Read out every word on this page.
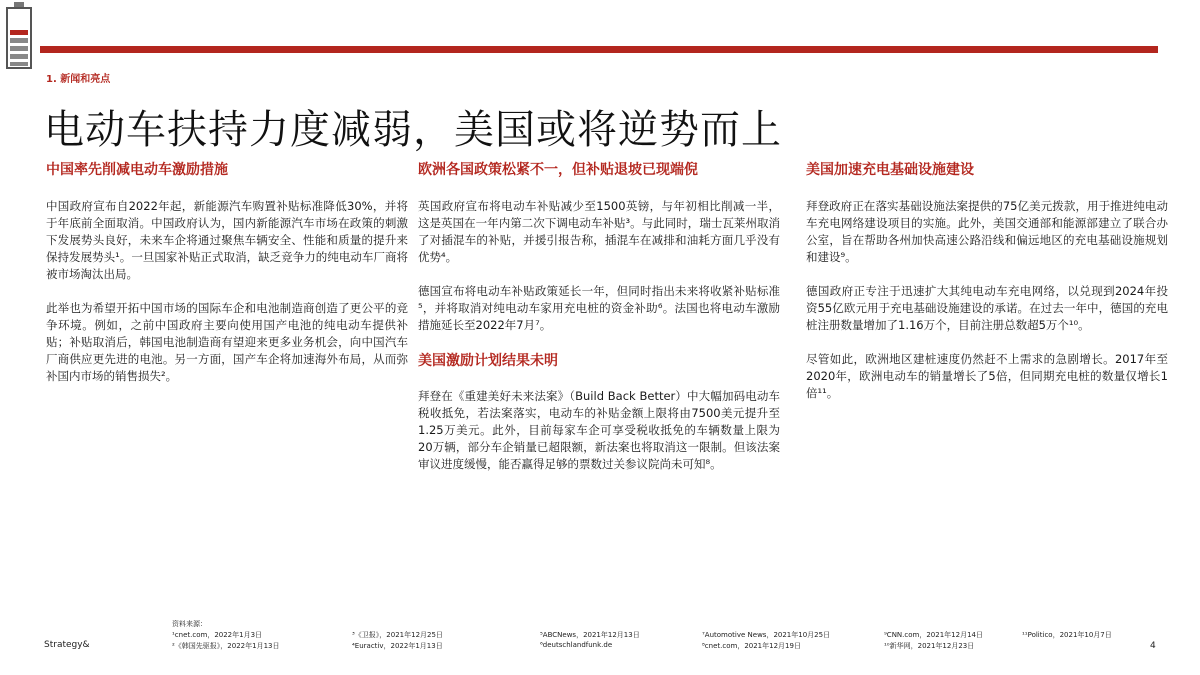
1. 新闻和亮点
电动车扶持力度减弱，美国或将逆势而上
中国率先削减电动车激励措施

中国政府宣布自2022年起，新能源汽车购置补贴标准降低30%，并将于年底前全面取消。中国政府认为，国内新能源汽车市场在政策的刺激下发展势头良好，未来车企将通过聚焦车辆安全、性能和质量的提升来保持发展势头¹。一旦国家补贴正式取消，缺乏竞争力的纯电动车厂商将被市场淘汰出局。

此举也为希望开拓中国市场的国际车企和电池制造商创造了更公平的竞争环境。例如，之前中国政府主要向使用国产电池的纯电动车提供补贴；补贴取消后，韩国电池制造商有望迎来更多业务机会，向中国汽车厂商供应更先进的电池。另一方面，国产车企将加速海外布局，从而弥补国内市场的销售损失²。

欧洲各国政策松紧不一，但补贴退坡已现端倪

英国政府宣布将电动车补贴减少至1500英镑，与年初相比削减一半，这是英国在一年内第二次下调电动车补贴³。与此同时，瑞士瓦莱州取消了对插混车的补贴，并援引报告称，插混车在减排和油耗方面几乎没有优势⁴。

德国宣布将电动车补贴政策延长一年，但同时指出未来将收紧补贴标准⁵，并将取消对纯电动车家用充电桩的资金补助⁶。法国也将电动车激励措施延长至2022年7月⁷。

美国激励计划结果未明

拜登在《重建美好未来法案》（Build Back Better）中大幅加码电动车税收抵免，若法案落实，电动车的补贴金额上限将由7500美元提升至1.25万美元。此外，目前每家车企可享受税收抵免的车辆数量上限为20万辆，部分车企销量已超限额，新法案也将取消这一限制。但该法案审议进度缓慢，能否赢得足够的票数过关参议院尚未可知⁸。

美国加速充电基础设施建设

拜登政府正在落实基础设施法案提供的75亿美元拨款，用于推进纯电动车充电网络建设项目的实施。此外，美国交通部和能源部建立了联合办公室，旨在帮助各州加快高速公路沿线和偏远地区的充电基础设施规划和建设⁹。

德国政府正专注于迅速扩大其纯电动车充电网络，以兑现到2024年投资55亿欧元用于充电基础设施建设的承诺。在过去一年中，德国的充电桩注册数量增加了1.16万个，目前注册总数超5万个¹⁰。

尽管如此，欧洲地区建桩速度仍然赶不上需求的急剧增长。2017年至2020年，欧洲电动车的销量增长了5倍，但同期充电桩的数量仅增长1倍¹¹。

Strategy&
资料来源：
¹cnet.com，2022年1月3日
²《韩国先驱报》，2022年1月13日
³《卫报》，2021年12月25日
⁴Euractiv，2022年1月13日
⁵ABCNews，2021年12月13日
⁶deutschlandfunk.de
⁷Automotive News，2021年10月25日
⁸cnet.com，2021年12月19日
⁹CNN.com，2021年12月14日
¹⁰新华网，2021年12月23日
¹¹Politico，2021年10月7日
4
